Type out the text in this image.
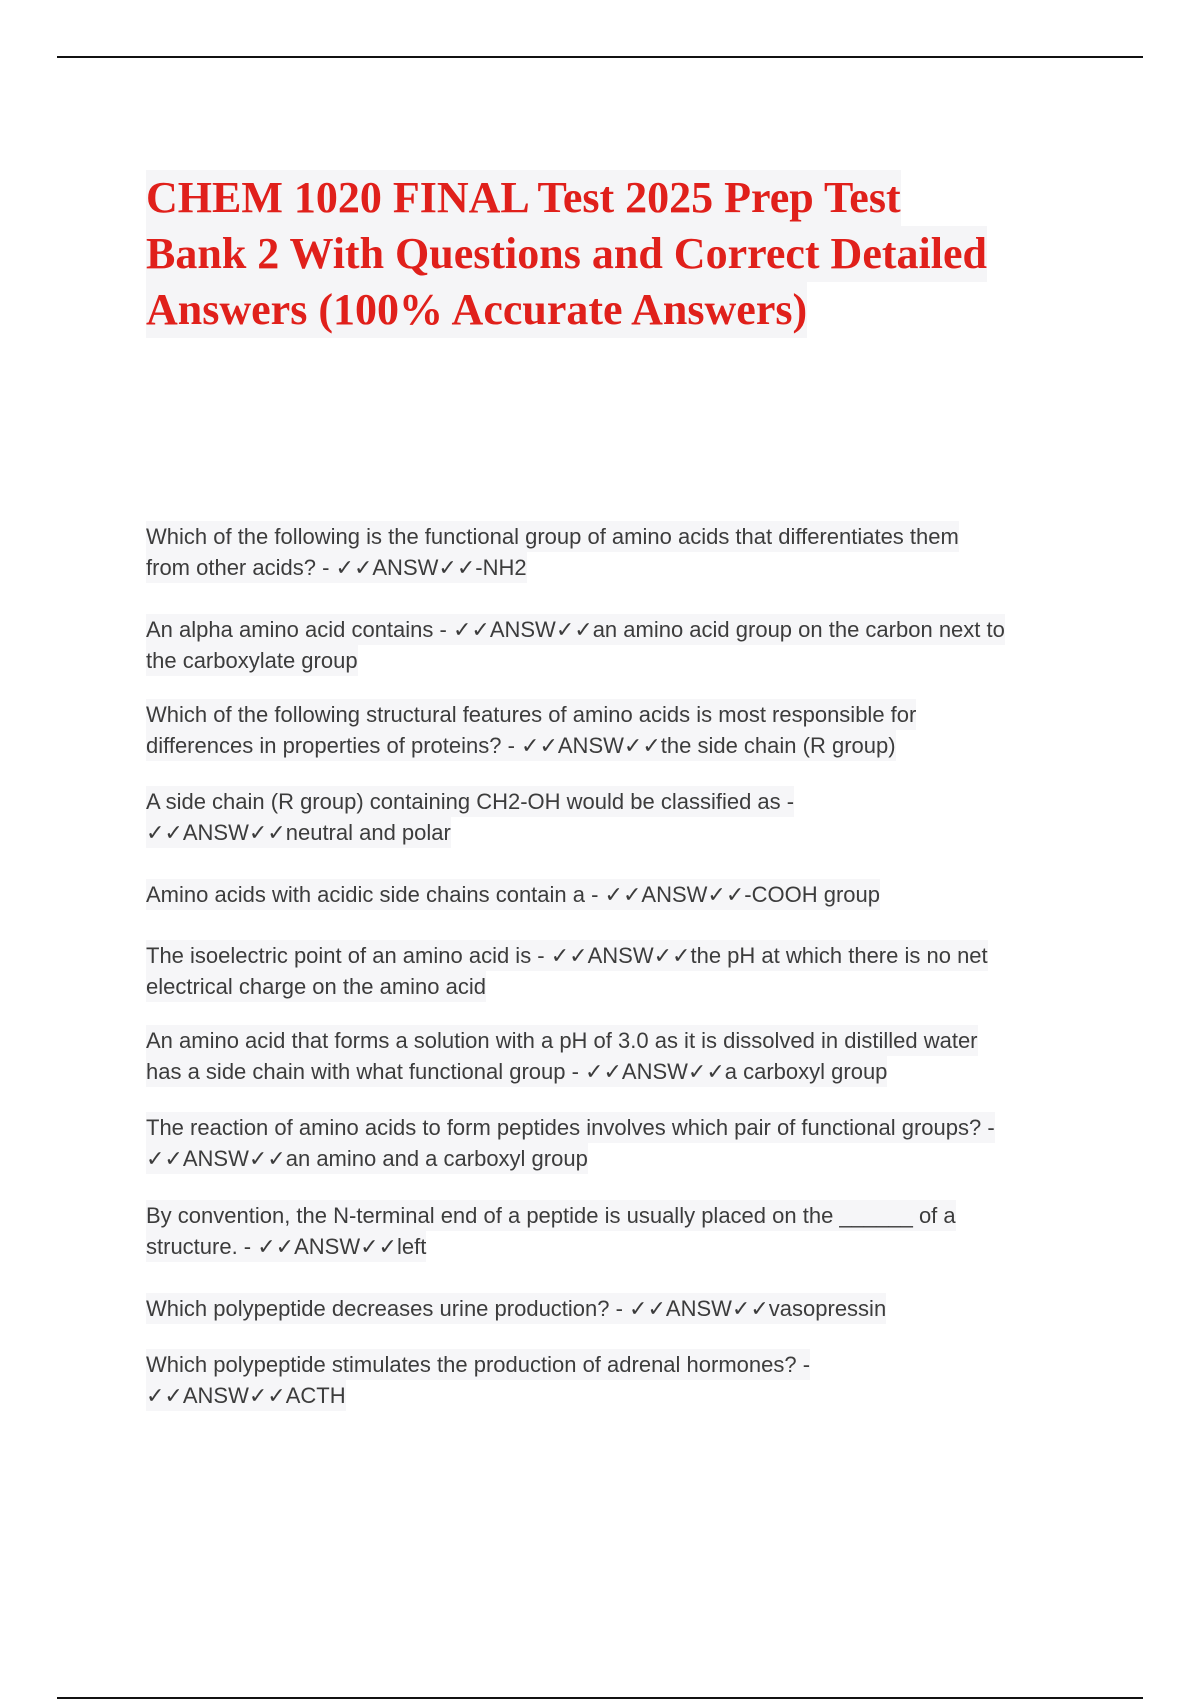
CHEM 1020 FINAL Test 2025 Prep Test
Bank 2 With Questions and Correct Detailed
Answers (100% Accurate Answers)
Which of the following is the functional group of amino acids that differentiates them
from other acids? - ✓✓ANSW✓✓-NH2
An alpha amino acid contains - ✓✓ANSW✓✓an amino acid group on the carbon next to
the carboxylate group
Which of the following structural features of amino acids is most responsible for
differences in properties of proteins? - ✓✓ANSW✓✓the side chain (R group)
A side chain (R group) containing CH2-OH would be classified as -
✓✓ANSW✓✓neutral and polar
Amino acids with acidic side chains contain a - ✓✓ANSW✓✓-COOH group
The isoelectric point of an amino acid is - ✓✓ANSW✓✓the pH at which there is no net
electrical charge on the amino acid
An amino acid that forms a solution with a pH of 3.0 as it is dissolved in distilled water
has a side chain with what functional group - ✓✓ANSW✓✓a carboxyl group
The reaction of amino acids to form peptides involves which pair of functional groups? -
✓✓ANSW✓✓an amino and a carboxyl group
By convention, the N-terminal end of a peptide is usually placed on the ______ of a
structure. - ✓✓ANSW✓✓left
Which polypeptide decreases urine production? - ✓✓ANSW✓✓vasopressin
Which polypeptide stimulates the production of adrenal hormones? -
✓✓ANSW✓✓ACTH
